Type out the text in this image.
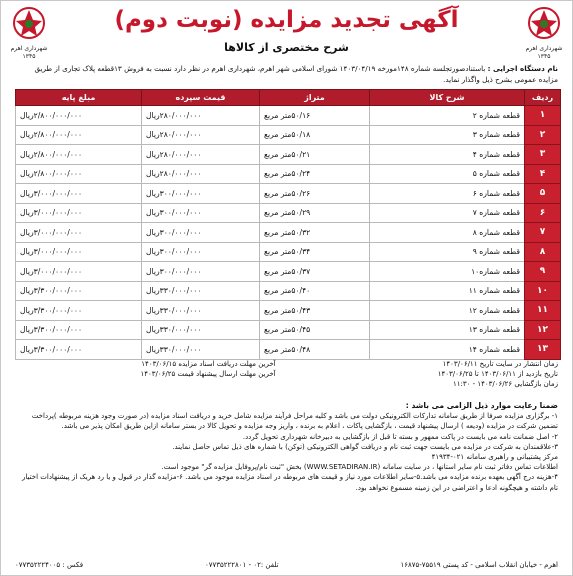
شهرداری اهرم
۱۳۴۵
شهرداری اهرم
۱۳۴۵
آگهی تجدید مزایده (نوبت دوم)
شرح مختصری از کالاها
نام دستگاه اجرایی : باستنادصورتجلسه شماره ۱۴۸مورخه ۱۴۰۳/۰۴/۱۹ شورای اسلامی شهر اهرم، شهرداری اهرم در نظر دارد نسبت به فروش ۱۳قطعه پلاک تجاری از طریق مزایده عمومی بشرح ذیل واگذار نماید.
ردیف	شرح کالا	متراژ	قیمت سپرده	مبلغ پایه
۱	قطعه شماره ۲	۵۰/۱۶متر مربع	۲۸۰/۰۰۰/۰۰۰ریال	۲/۸۰۰/۰۰۰/۰۰۰ریال
۲	قطعه شماره ۳	۵۰/۱۸متر مربع	۲۸۰/۰۰۰/۰۰۰ریال	۲/۸۰۰/۰۰۰/۰۰۰ریال
۳	قطعه شماره ۴	۵۰/۲۱متر مربع	۲۸۰/۰۰۰/۰۰۰ریال	۲/۸۰۰/۰۰۰/۰۰۰ریال
۴	قطعه شماره ۵	۵۰/۲۴متر مربع	۲۸۰/۰۰۰/۰۰۰ریال	۲/۸۰۰/۰۰۰/۰۰۰ریال
۵	قطعه شماره ۶	۵۰/۲۶متر مربع	۳۰۰/۰۰۰/۰۰۰ریال	۳/۰۰۰/۰۰۰/۰۰۰ریال
۶	قطعه شماره ۷	۵۰/۲۹متر مربع	۳۰۰/۰۰۰/۰۰۰ریال	۳/۰۰۰/۰۰۰/۰۰۰ریال
۷	قطعه شماره ۸	۵۰/۳۲متر مربع	۳۰۰/۰۰۰/۰۰۰ریال	۳/۰۰۰/۰۰۰/۰۰۰ریال
۸	قطعه شماره ۹	۵۰/۳۴متر مربع	۳۰۰/۰۰۰/۰۰۰ریال	۳/۰۰۰/۰۰۰/۰۰۰ریال
۹	قطعه شماره۱۰	۵۰/۳۷متر مربع	۳۰۰/۰۰۰/۰۰۰ریال	۳/۰۰۰/۰۰۰/۰۰۰ریال
۱۰	قطعه شماره ۱۱	۵۰/۴۰متر مربع	۳۳۰/۰۰۰/۰۰۰ریال	۳/۳۰۰/۰۰۰/۰۰۰ریال
۱۱	قطعه شماره ۱۲	۵۰/۴۳متر مربع	۳۳۰/۰۰۰/۰۰۰ریال	۳/۳۰۰/۰۰۰/۰۰۰ریال
۱۲	قطعه شماره ۱۳	۵۰/۴۵متر مربع	۳۳۰/۰۰۰/۰۰۰ریال	۳/۳۰۰/۰۰۰/۰۰۰ریال
۱۳	قطعه شماره ۱۴	۵۰/۴۸متر مربع	۳۳۰/۰۰۰/۰۰۰ریال	۳/۳۰۰/۰۰۰/۰۰۰ریال
زمان انتشار در سایت تاریخ ۱۴۰۳/۰۶/۱۱
آخرین مهلت دریافت اسناد مزایده ۱۴۰۳/۰۶/۱۵
تاریخ بازدید از ۱۴۰۳/۰۶/۱۱ تا ۱۴۰۳/۰۶/۲۵
آخرین مهلت ارسال پیشنهاد قیمت ۱۴۰۳/۰۶/۲۵
زمان بازگشایی ۱۴۰۳/۰۶/۲۶ - ۱۱:۳۰
ضمنا رعایت موارد ذیل الزامی می باشد :
۱- برگزاری مزایده صرفا از طریق سامانه تدارکات الکترونیکی دولت می باشد و کلیه مراحل فرآیند مزایده شامل خرید و دریافت اسناد مزایده (در صورت وجود هزینه مربوطه )پرداخت تضمین شرکت در مزایده (ودیعه ) ارسال پیشنهاد قیمت ، بازگشایی پاکات ، اعلام به برنده ، واریز وجه مزایده و تحویل کالا در بستر سامانه ازاین طریق امکان پذیر می باشد.
۲- اصل ضمانت نامه می بایست در پاکت ممهور و بسته تا قبل از بازگشایی به دبیرخانه شهرداری تحویل گردد.
۳-علاقمندان به شرکت در مزایده می بایست جهت ثبت نام و دریافت گواهی الکترونیکی (توکن) با شماره های ذیل تماس حاصل نمایند.
مرکز پشتیبانی و راهبری سامانه ۰۲۱-۴۱۹۳۴
اطلاعات تماس دفاتر ثبت نام سایر استانها ، در سایت سامانه (WWW.SETADIRAN.IR) بخش "ثبت نام/پروفایل مزایده گر" موجود است.
۴-هزینه درج آگهی بعهده برنده مزایده می باشد.۵-سایر اطلاعات مورد نیاز و قیمت های مربوطه در اسناد مزایده موجود می باشد. ۶-مزایده گذار در قبول و یا رد هریک از پیشنهادات اختیار تام داشته و هیچگونه ادعا و اعتراضی در این زمینه مسموع نخواهد بود.
اهرم - خیابان انقلاب اسلامی - کد پستی ۷۵۵۱۹-۱۶۸۷۵
تلفن :۰۲ - ۰۷۷۳۵۲۲۲۸۰۱
فکس : ۰۷۷۳۵۲۲۲۴۰۰۵
